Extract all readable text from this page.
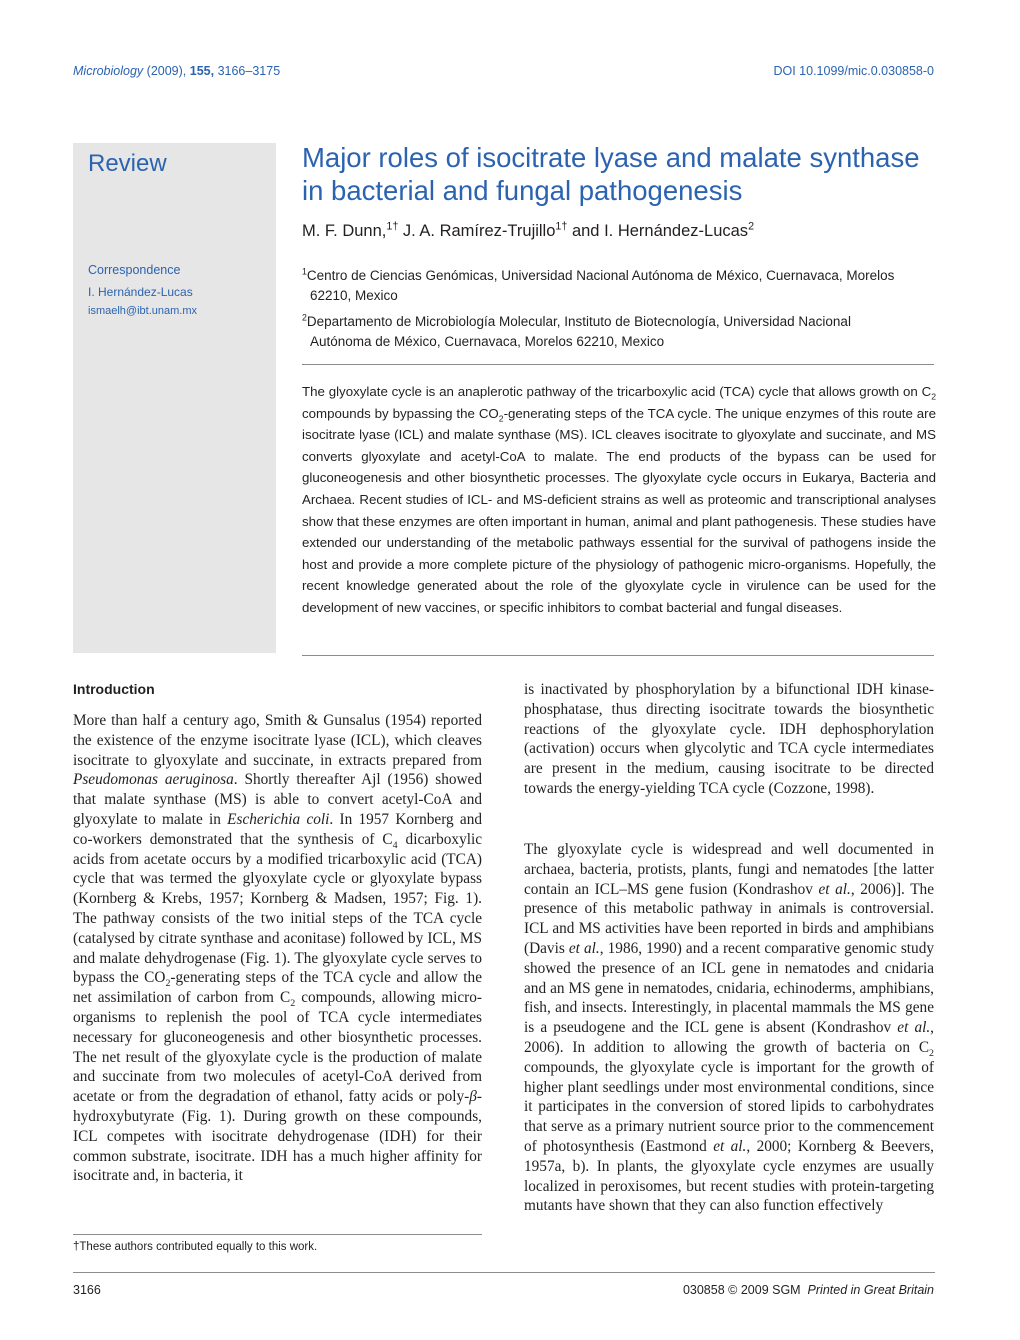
Microbiology (2009), 155, 3166–3175	DOI 10.1099/mic.0.030858-0
Review
Correspondence
I. Hernández-Lucas
ismaelh@ibt.unam.mx
Major roles of isocitrate lyase and malate synthase
in bacterial and fungal pathogenesis
M. F. Dunn,$^{1\dagger}$ J. A. Ramírez-Trujillo$^{1\dagger}$ and I. Hernández-Lucas$^2$
$^1$Centro de Ciencias Genómicas, Universidad Nacional Autónoma de México, Cuernavaca, Morelos
62210, Mexico
$^2$Departamento de Microbiología Molecular, Instituto de Biotecnología, Universidad Nacional
Autónoma de México, Cuernavaca, Morelos 62210, Mexico
The glyoxylate cycle is an anaplerotic pathway of the tricarboxylic acid (TCA) cycle that allows growth on $C_2$ compounds by bypassing the $CO_2$-generating steps of the TCA cycle. The unique enzymes of this route are isocitrate lyase (ICL) and malate synthase (MS). ICL cleaves isocitrate to glyoxylate and succinate, and MS converts glyoxylate and acetyl-CoA to malate. The end products of the bypass can be used for gluconeogenesis and other biosynthetic processes. The glyoxylate cycle occurs in Eukarya, Bacteria and Archaea. Recent studies of ICL- and MS-deficient strains as well as proteomic and transcriptional analyses show that these enzymes are often important in human, animal and plant pathogenesis. These studies have extended our understanding of the metabolic pathways essential for the survival of pathogens inside the host and provide a more complete picture of the physiology of pathogenic micro-organisms. Hopefully, the recent knowledge generated about the role of the glyoxylate cycle in virulence can be used for the development of new vaccines, or specific inhibitors to combat bacterial and fungal diseases.
Introduction
More than half a century ago, Smith & Gunsalus (1954) reported the existence of the enzyme isocitrate lyase (ICL), which cleaves isocitrate to glyoxylate and succinate, in extracts prepared from Pseudomonas aeruginosa. Shortly thereafter Ajl (1956) showed that malate synthase (MS) is able to convert acetyl-CoA and glyoxylate to malate in Escherichia coli. In 1957 Kornberg and co-workers demonstrated that the synthesis of $C_4$ dicarboxylic acids from acetate occurs by a modified tricarboxylic acid (TCA) cycle that was termed the glyoxylate cycle or glyoxylate bypass (Kornberg & Krebs, 1957; Kornberg & Madsen, 1957; Fig. 1). The pathway consists of the two initial steps of the TCA cycle (catalysed by citrate synthase and aconitase) followed by ICL, MS and malate dehydrogenase (Fig. 1). The glyoxylate cycle serves to bypass the $CO_2$-generating steps of the TCA cycle and allow the net assimilation of carbon from $C_2$ compounds, allowing micro-organisms to replenish the pool of TCA cycle intermediates necessary for gluconeogenesis and other biosynthetic processes. The net result of the glyoxylate cycle is the production of malate and succinate from two molecules of acetyl-CoA derived from acetate or from the degradation of ethanol, fatty acids or poly-β-hydroxybutyrate (Fig. 1). During growth on these compounds, ICL competes with isocitrate dehydrogenase (IDH) for their common substrate, isocitrate. IDH has a much higher affinity for isocitrate and, in bacteria, it
is inactivated by phosphorylation by a bifunctional IDH kinase-phosphatase, thus directing isocitrate towards the biosynthetic reactions of the glyoxylate cycle. IDH dephosphorylation (activation) occurs when glycolytic and TCA cycle intermediates are present in the medium, causing isocitrate to be directed towards the energy-yielding TCA cycle (Cozzone, 1998).
The glyoxylate cycle is widespread and well documented in archaea, bacteria, protists, plants, fungi and nematodes [the latter contain an ICL–MS gene fusion (Kondrashov et al., 2006)]. The presence of this metabolic pathway in animals is controversial. ICL and MS activities have been reported in birds and amphibians (Davis et al., 1986, 1990) and a recent comparative genomic study showed the presence of an ICL gene in nematodes and cnidaria and an MS gene in nematodes, cnidaria, echinoderms, amphibians, fish, and insects. Interestingly, in placental mammals the MS gene is a pseudogene and the ICL gene is absent (Kondrashov et al., 2006). In addition to allowing the growth of bacteria on $C_2$ compounds, the glyoxylate cycle is important for the growth of higher plant seedlings under most environmental conditions, since it participates in the conversion of stored lipids to carbohydrates that serve as a primary nutrient source prior to the commencement of photosynthesis (Eastmond et al., 2000; Kornberg & Beevers, 1957a, b). In plants, the glyoxylate cycle enzymes are usually localized in peroxisomes, but recent studies with protein-targeting mutants have shown that they can also function effectively
†These authors contributed equally to this work.
3166	030858 © 2009 SGM Printed in Great Britain
